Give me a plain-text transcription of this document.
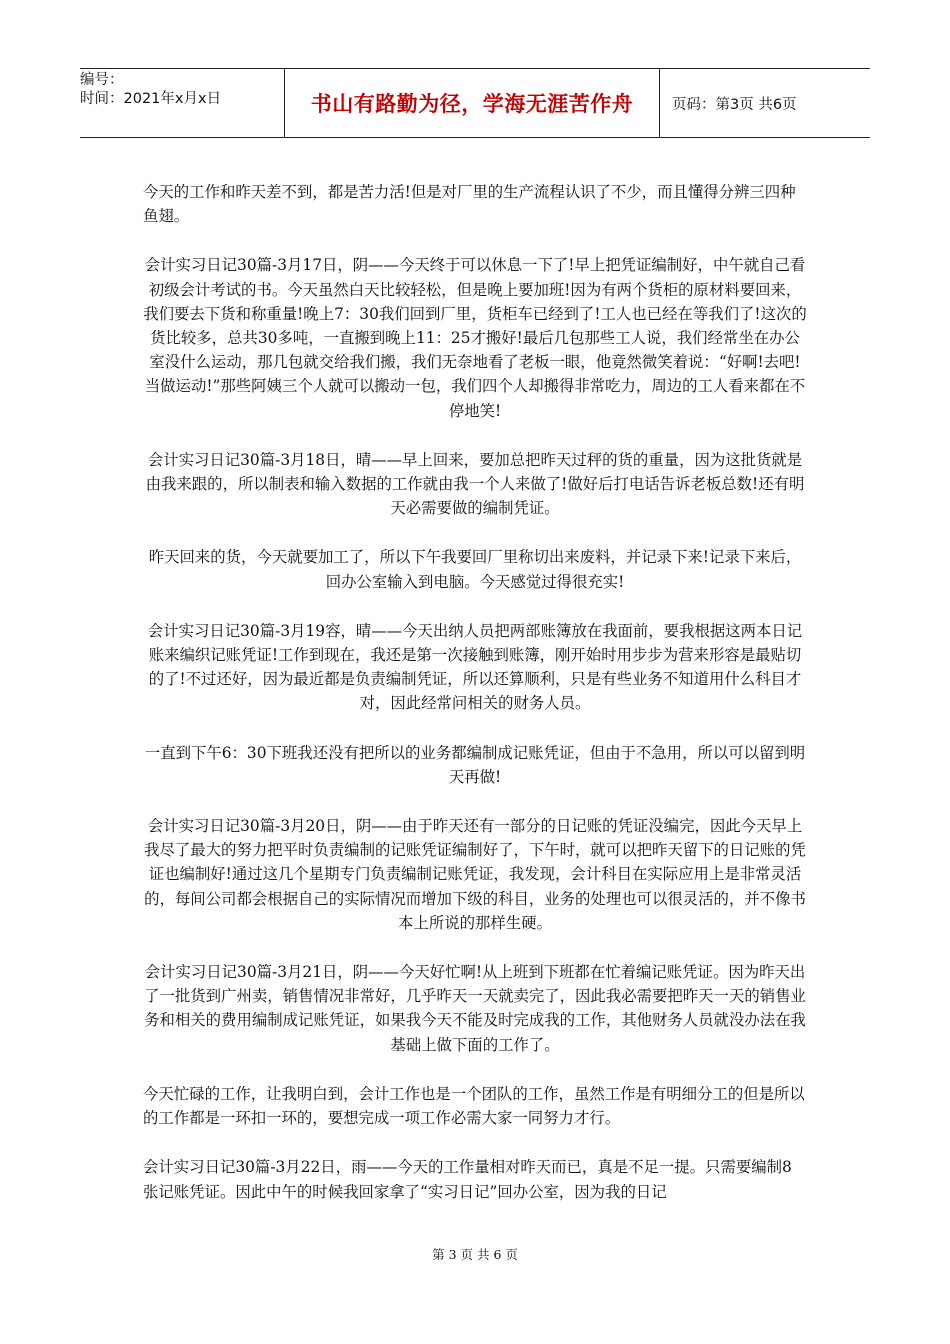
编号：
时间：2021年x月x日	书山有路勤为径，学海无涯苦作舟	页码：第3页 共6页

今天的工作和昨天差不到，都是苦力活!但是对厂里的生产流程认识了不少，而且懂得分辨三四种鱼翅。

会计实习日记30篇-3月17日，阴——今天终于可以休息一下了!早上把凭证编制好，中午就自己看初级会计考试的书。今天虽然白天比较轻松，但是晚上要加班!因为有两个货柜的原材料要回来，我们要去下货和称重量!晚上7：30我们回到厂里，货柜车已经到了!工人也已经在等我们了!这次的货比较多，总共30多吨，一直搬到晚上11：25才搬好!最后几包那些工人说，我们经常坐在办公室没什么运动，那几包就交给我们搬，我们无奈地看了老板一眼，他竟然微笑着说：“好啊!去吧!当做运动!”那些阿姨三个人就可以搬动一包，我们四个人却搬得非常吃力，周边的工人看来都在不停地笑!

会计实习日记30篇-3月18日，晴——早上回来，要加总把昨天过秤的货的重量，因为这批货就是由我来跟的，所以制表和输入数据的工作就由我一个人来做了!做好后打电话告诉老板总数!还有明天必需要做的编制凭证。

昨天回来的货，今天就要加工了，所以下午我要回厂里称切出来废料，并记录下来!记录下来后，回办公室输入到电脑。今天感觉过得很充实!

会计实习日记30篇-3月19容，晴——今天出纳人员把两部账簿放在我面前，要我根据这两本日记账来编织记账凭证!工作到现在，我还是第一次接触到账簿，刚开始时用步步为营来形容是最贴切的了!不过还好，因为最近都是负责编制凭证，所以还算顺利，只是有些业务不知道用什么科目才对，因此经常问相关的财务人员。

一直到下午6：30下班我还没有把所以的业务都编制成记账凭证，但由于不急用，所以可以留到明天再做!

会计实习日记30篇-3月20日，阴——由于昨天还有一部分的日记账的凭证没编完，因此今天早上我尽了最大的努力把平时负责编制的记账凭证编制好了，下午时，就可以把昨天留下的日记账的凭证也编制好!通过这几个星期专门负责编制记账凭证，我发现，会计科目在实际应用上是非常灵活的，每间公司都会根据自己的实际情况而增加下级的科目，业务的处理也可以很灵活的，并不像书本上所说的那样生硬。

会计实习日记30篇-3月21日，阴——今天好忙啊!从上班到下班都在忙着编记账凭证。因为昨天出了一批货到广州卖，销售情况非常好，几乎昨天一天就卖完了，因此我必需要把昨天一天的销售业务和相关的费用编制成记账凭证，如果我今天不能及时完成我的工作，其他财务人员就没办法在我基础上做下面的工作了。

今天忙碌的工作，让我明白到，会计工作也是一个团队的工作，虽然工作是有明细分工的但是所以的工作都是一环扣一环的，要想完成一项工作必需大家一同努力才行。

会计实习日记30篇-3月22日，雨——今天的工作量相对昨天而已，真是不足一提。只需要编制8张记账凭证。因此中午的时候我回家拿了“实习日记”回办公室，因为我的日记

第 3 页 共 6 页
